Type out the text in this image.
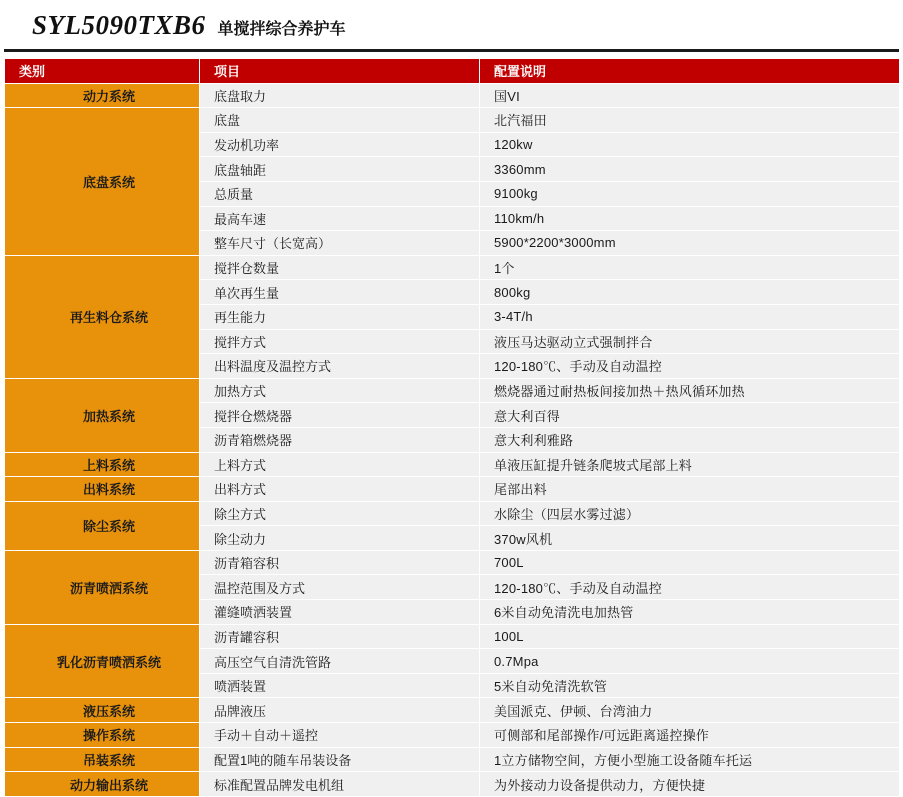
SYL5090TXB6 单搅拌综合养护车
类别	项目	配置说明
动力系统	底盘取力	国VI
底盘系统	底盘	北汽福田
	发动机功率	120kw
	底盘轴距	3360mm
	总质量	9100kg
	最高车速	110km/h
	整车尺寸（长宽高）	5900*2200*3000mm
再生料仓系统	搅拌仓数量	1个
	单次再生量	800kg
	再生能力	3-4T/h
	搅拌方式	液压马达驱动立式强制拌合
	出料温度及温控方式	120-180℃、手动及自动温控
加热系统	加热方式	燃烧器通过耐热板间接加热＋热风循环加热
	搅拌仓燃烧器	意大利百得
	沥青箱燃烧器	意大利利雅路
上料系统	上料方式	单液压缸提升链条爬坡式尾部上料
出料系统	出料方式	尾部出料
除尘系统	除尘方式	水除尘（四层水雾过滤）
	除尘动力	370w风机
沥青喷洒系统	沥青箱容积	700L
	温控范围及方式	120-180℃、手动及自动温控
	灌缝喷洒装置	6米自动免清洗电加热管
乳化沥青喷洒系统	沥青罐容积	100L
	高压空气自清洗管路	0.7Mpa
	喷洒装置	5米自动免清洗软管
液压系统	品牌液压	美国派克、伊顿、台湾油力
操作系统	手动＋自动＋遥控	可侧部和尾部操作/可远距离遥控操作
吊装系统	配置1吨的随车吊装设备	1立方储物空间，方便小型施工设备随车托运
动力输出系统	标准配置品牌发电机组	为外接动力设备提供动力，方便快捷
